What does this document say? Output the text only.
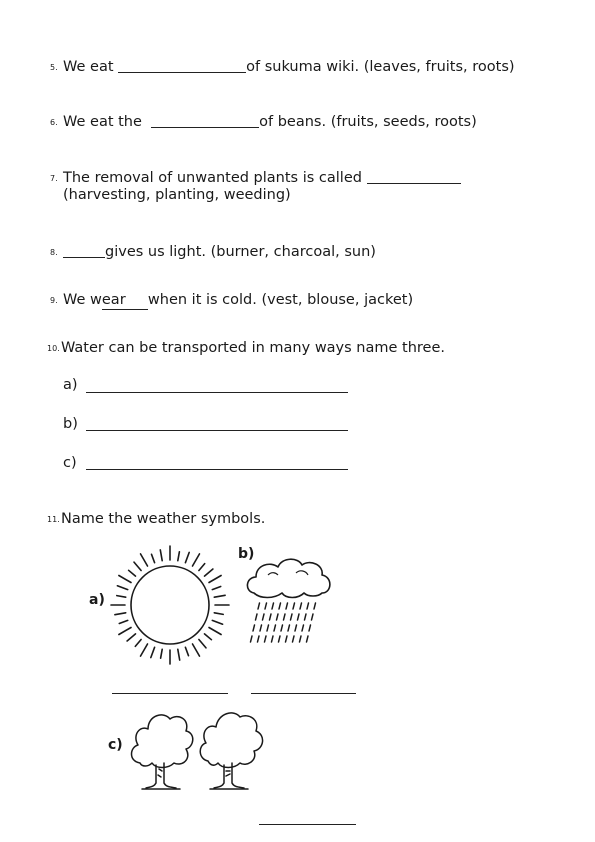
5. We eat	of sukuma wiki. (leaves, fruits, roots)
6. We eat the	of beans. (fruits, seeds, roots)
7. The removal of unwanted plants is called
(harvesting, planting, weeding)
8.	gives us light. (burner, charcoal, sun)
9. We wear when it is cold. (vest, blouse, jacket)
10.Water can be transported in many ways name three.
a)
b)
c)
11.Name the weather symbols.
a)
b)
c)
